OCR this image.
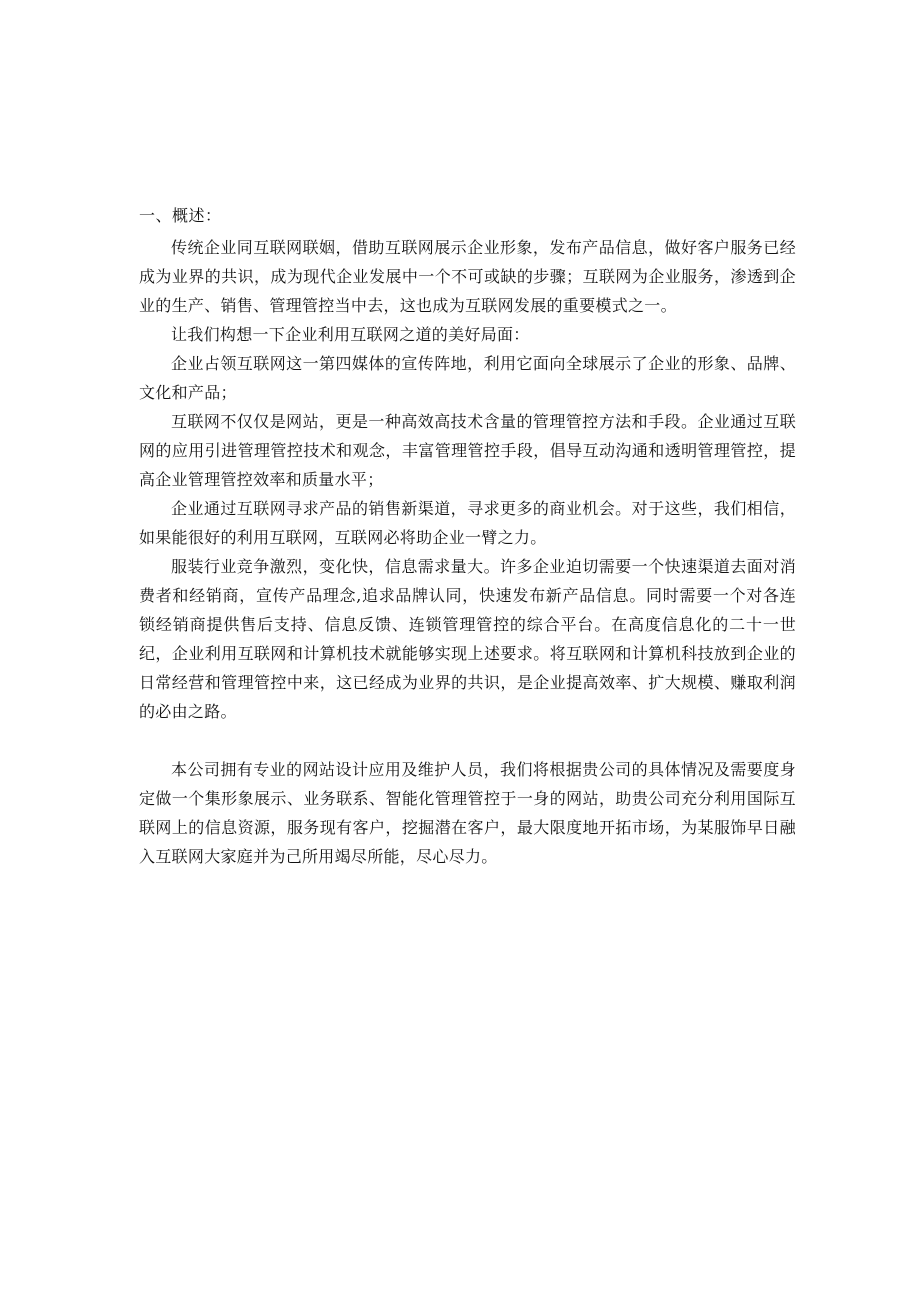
一、概述：

传统企业同互联网联姻，借助互联网展示企业形象，发布产品信息，做好客户服务已经成为业界的共识，成为现代企业发展中一个不可或缺的步骤；互联网为企业服务，渗透到企业的生产、销售、管理管控当中去，这也成为互联网发展的重要模式之一。

让我们构想一下企业利用互联网之道的美好局面：

企业占领互联网这一第四媒体的宣传阵地，利用它面向全球展示了企业的形象、品牌、文化和产品；

互联网不仅仅是网站，更是一种高效高技术含量的管理管控方法和手段。企业通过互联网的应用引进管理管控技术和观念，丰富管理管控手段，倡导互动沟通和透明管理管控，提高企业管理管控效率和质量水平；

企业通过互联网寻求产品的销售新渠道，寻求更多的商业机会。对于这些，我们相信，如果能很好的利用互联网，互联网必将助企业一臂之力。

服装行业竞争激烈，变化快，信息需求量大。许多企业迫切需要一个快速渠道去面对消费者和经销商，宣传产品理念,追求品牌认同，快速发布新产品信息。同时需要一个对各连锁经销商提供售后支持、信息反馈、连锁管理管控的综合平台。在高度信息化的二十一世纪，企业利用互联网和计算机技术就能够实现上述要求。将互联网和计算机科技放到企业的日常经营和管理管控中来，这已经成为业界的共识，是企业提高效率、扩大规模、赚取利润的必由之路。

本公司拥有专业的网站设计应用及维护人员，我们将根据贵公司的具体情况及需要度身定做一个集形象展示、业务联系、智能化管理管控于一身的网站，助贵公司充分利用国际互联网上的信息资源，服务现有客户，挖掘潜在客户，最大限度地开拓市场，为某服饰早日融入互联网大家庭并为己所用竭尽所能，尽心尽力。
